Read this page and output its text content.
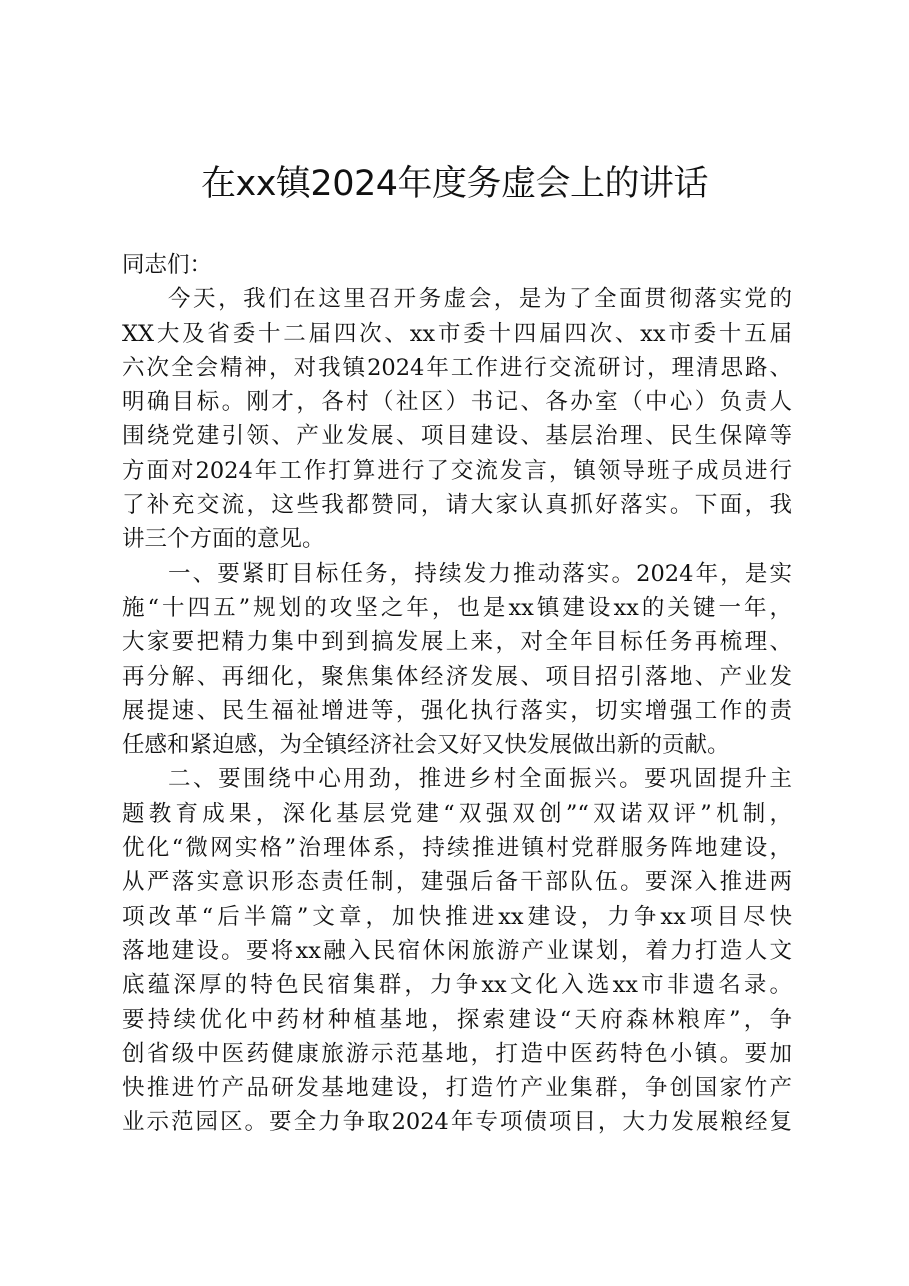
在xx镇2024年度务虚会上的讲话
同志们：
今天，我们在这里召开务虚会，是为了全面贯彻落实党的
XX大及省委十二届四次、xx市委十四届四次、xx市委十五届
六次全会精神，对我镇2024年工作进行交流研讨，理清思路、
明确目标。刚才，各村（社区）书记、各办室（中心）负责人
围绕党建引领、产业发展、项目建设、基层治理、民生保障等
方面对2024年工作打算进行了交流发言，镇领导班子成员进行
了补充交流，这些我都赞同，请大家认真抓好落实。下面，我
讲三个方面的意见。
一、要紧盯目标任务，持续发力推动落实。2024年，是实
施“十四五”规划的攻坚之年，也是xx镇建设xx的关键一年，
大家要把精力集中到到搞发展上来，对全年目标任务再梳理、
再分解、再细化，聚焦集体经济发展、项目招引落地、产业发
展提速、民生福祉增进等，强化执行落实，切实增强工作的责
任感和紧迫感，为全镇经济社会又好又快发展做出新的贡献。
二、要围绕中心用劲，推进乡村全面振兴。要巩固提升主
题教育成果，深化基层党建“双强双创”“双诺双评”机制，
优化“微网实格”治理体系，持续推进镇村党群服务阵地建设，
从严落实意识形态责任制，建强后备干部队伍。要深入推进两
项改革“后半篇”文章，加快推进xx建设，力争xx项目尽快
落地建设。要将xx融入民宿休闲旅游产业谋划，着力打造人文
底蕴深厚的特色民宿集群，力争xx文化入选xx市非遗名录。
要持续优化中药材种植基地，探索建设“天府森林粮库”，争
创省级中医药健康旅游示范基地，打造中医药特色小镇。要加
快推进竹产品研发基地建设，打造竹产业集群，争创国家竹产
业示范园区。要全力争取2024年专项债项目，大力发展粮经复
